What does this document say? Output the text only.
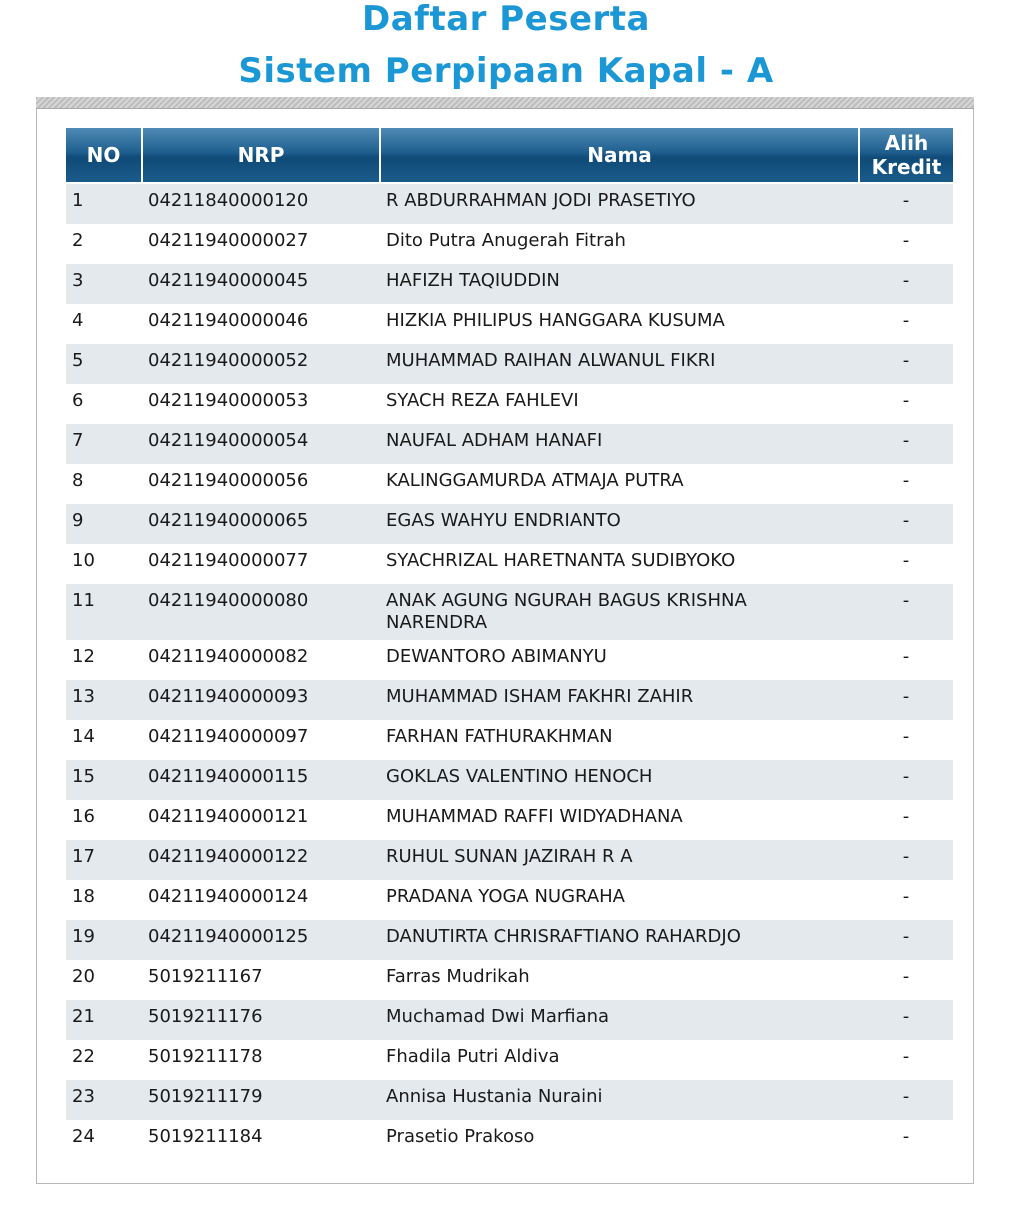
Daftar Peserta
Sistem Perpipaan Kapal - A
NO	NRP	Nama	Alih
Kredit
1	04211840000120	R ABDURRAHMAN JODI PRASETIYO	-
2	04211940000027	Dito Putra Anugerah Fitrah	-
3	04211940000045	HAFIZH TAQIUDDIN	-
4	04211940000046	HIZKIA PHILIPUS HANGGARA KUSUMA	-
5	04211940000052	MUHAMMAD RAIHAN ALWANUL FIKRI	-
6	04211940000053	SYACH REZA FAHLEVI	-
7	04211940000054	NAUFAL ADHAM HANAFI	-
8	04211940000056	KALINGGAMURDA ATMAJA PUTRA	-
9	04211940000065	EGAS WAHYU ENDRIANTO	-
10	04211940000077	SYACHRIZAL HARETNANTA SUDIBYOKO	-
11	04211940000080	ANAK AGUNG NGURAH BAGUS KRISHNA NARENDRA	-
12	04211940000082	DEWANTORO ABIMANYU	-
13	04211940000093	MUHAMMAD ISHAM FAKHRI ZAHIR	-
14	04211940000097	FARHAN FATHURAKHMAN	-
15	04211940000115	GOKLAS VALENTINO HENOCH	-
16	04211940000121	MUHAMMAD RAFFI WIDYADHANA	-
17	04211940000122	RUHUL SUNAN JAZIRAH R A	-
18	04211940000124	PRADANA YOGA NUGRAHA	-
19	04211940000125	DANUTIRTA CHRISRAFTIANO RAHARDJO	-
20	5019211167	Farras Mudrikah	-
21	5019211176	Muchamad Dwi Marfiana	-
22	5019211178	Fhadila Putri Aldiva	-
23	5019211179	Annisa Hustania Nuraini	-
24	5019211184	Prasetio Prakoso	-
